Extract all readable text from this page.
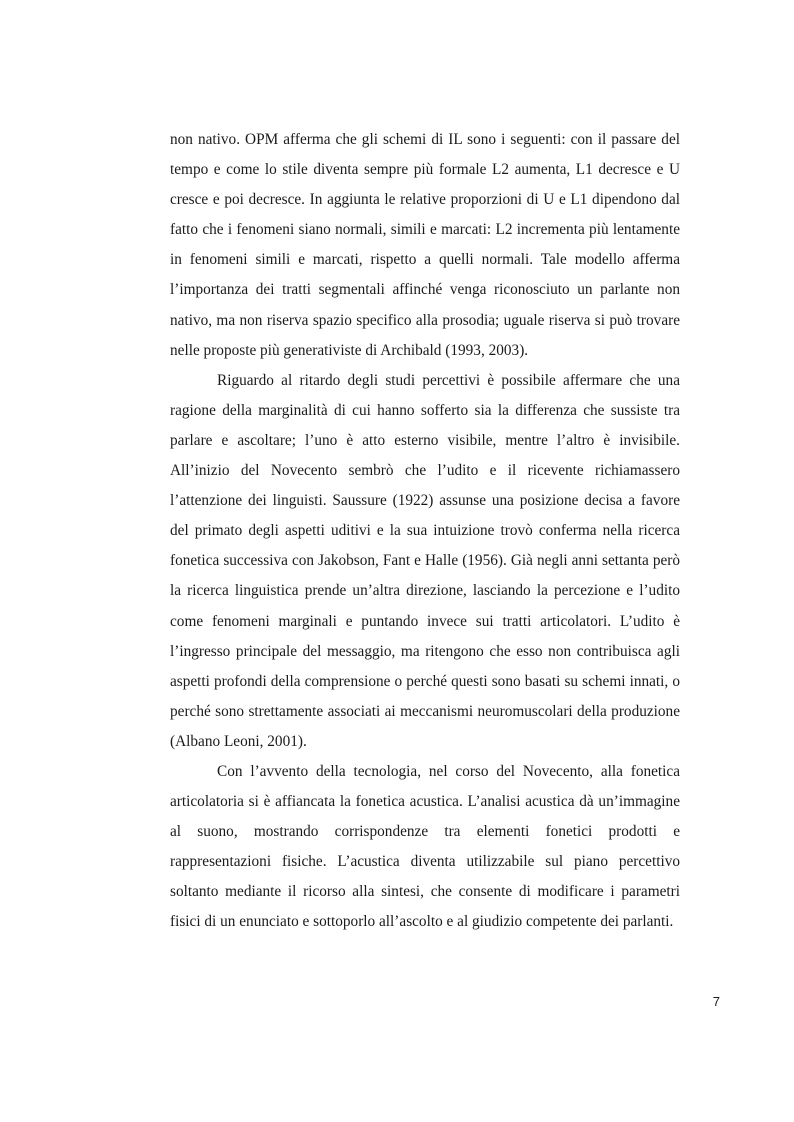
non nativo. OPM afferma che gli schemi di IL sono i seguenti: con il passare del tempo e come lo stile diventa sempre più formale L2 aumenta, L1 decresce e U cresce e poi decresce. In aggiunta le relative proporzioni di U e L1 dipendono dal fatto che i fenomeni siano normali, simili e marcati: L2 incrementa più lentamente in fenomeni simili e marcati, rispetto a quelli normali. Tale modello afferma l’importanza dei tratti segmentali affinché venga riconosciuto un parlante non nativo, ma non riserva spazio specifico alla prosodia; uguale riserva si può trovare nelle proposte più generativiste di Archibald (1993, 2003).

Riguardo al ritardo degli studi percettivi è possibile affermare che una ragione della marginalità di cui hanno sofferto sia la differenza che sussiste tra parlare e ascoltare; l’uno è atto esterno visibile, mentre l’altro è invisibile. All’inizio del Novecento sembrò che l’udito e il ricevente richiamassero l’attenzione dei linguisti. Saussure (1922) assunse una posizione decisa a favore del primato degli aspetti uditivi e la sua intuizione trovò conferma nella ricerca fonetica successiva con Jakobson, Fant e Halle (1956). Già negli anni settanta però la ricerca linguistica prende un’altra direzione, lasciando la percezione e l’udito come fenomeni marginali e puntando invece sui tratti articolatori. L’udito è l’ingresso principale del messaggio, ma ritengono che esso non contribuisca agli aspetti profondi della comprensione o perché questi sono basati su schemi innati, o perché sono strettamente associati ai meccanismi neuromuscolari della produzione (Albano Leoni, 2001).

Con l’avvento della tecnologia, nel corso del Novecento, alla fonetica articolatoria si è affiancata la fonetica acustica. L’analisi acustica dà un’immagine al suono, mostrando corrispondenze tra elementi fonetici prodotti e rappresentazioni fisiche. L’acustica diventa utilizzabile sul piano percettivo soltanto mediante il ricorso alla sintesi, che consente di modificare i parametri fisici di un enunciato e sottoporlo all’ascolto e al giudizio competente dei parlanti.

7
